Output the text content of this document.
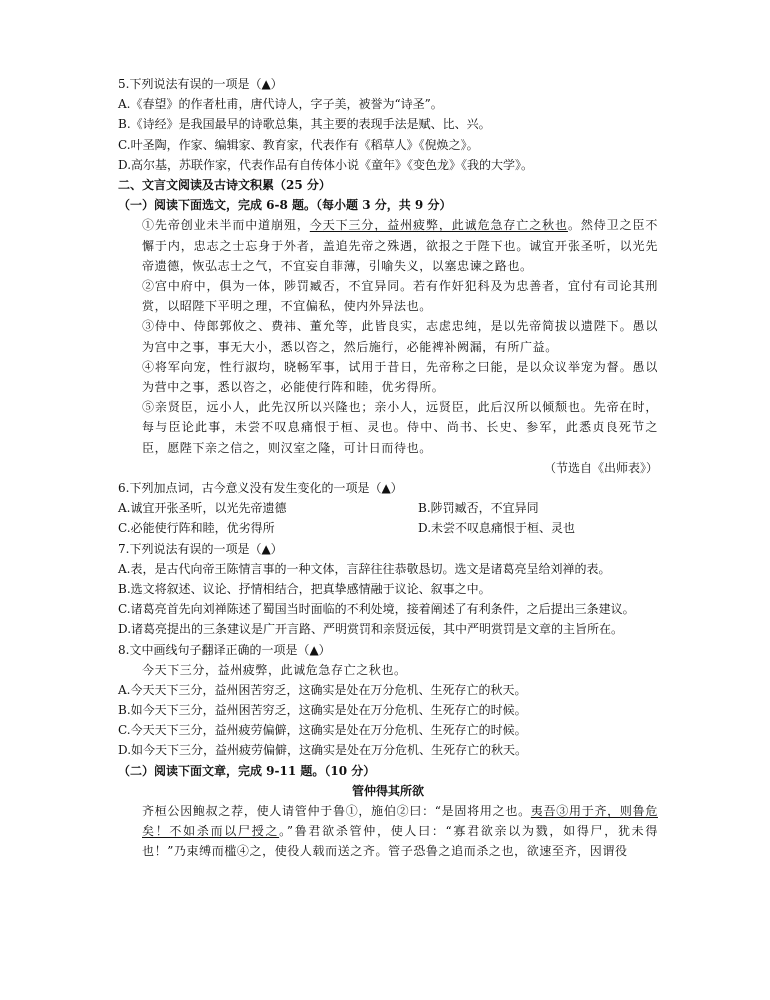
5.下列说法有误的一项是（▲）
A.《春望》的作者杜甫，唐代诗人，字子美，被誉为“诗圣”。
B.《诗经》是我国最早的诗歌总集，其主要的表现手法是赋、比、兴。
C.叶圣陶，作家、编辑家、教育家，代表作有《稻草人》《倪焕之》。
D.高尔基，苏联作家，代表作品有自传体小说《童年》《变色龙》《我的大学》。
二、文言文阅读及古诗文积累（25 分）
（一）阅读下面选文，完成 6-8 题。（每小题 3 分，共 9 分）
①先帝创业未半而中道崩殂，今天下三分，益州疲弊，此诚危急存亡之秋也。然侍卫之臣不懈于内，忠志之士忘身于外者，盖追先帝之殊遇，欲报之于陛下也。诚宜开张圣听，以光先帝遗德，恢弘志士之气，不宜妄自菲薄，引喻失义，以塞忠谏之路也。
②宫中府中，俱为一体，陟罚臧否，不宜异同。若有作奸犯科及为忠善者，宜付有司论其刑赏，以昭陛下平明之理，不宜偏私，使内外异法也。
③侍中、侍郎郭攸之、费祎、董允等，此皆良实，志虑忠纯，是以先帝简拔以遗陛下。愚以为宫中之事，事无大小，悉以咨之，然后施行，必能裨补阙漏，有所广益。
④将军向宠，性行淑均，晓畅军事，试用于昔日，先帝称之曰能，是以众议举宠为督。愚以为营中之事，悉以咨之，必能使行阵和睦，优劣得所。
⑤亲贤臣，远小人，此先汉所以兴隆也；亲小人，远贤臣，此后汉所以倾颓也。先帝在时，每与臣论此事，未尝不叹息痛恨于桓、灵也。侍中、尚书、长史、参军，此悉贞良死节之臣，愿陛下亲之信之，则汉室之隆，可计日而待也。
（节选自《出师表》）
6.下列加点词，古今意义没有发生变化的一项是（▲）
A.诚宜开张圣听，以光先帝遗德	B.陟罚臧否，不宜异同
C.必能使行阵和睦，优劣得所	D.未尝不叹息痛恨于桓、灵也
7.下列说法有误的一项是（▲）
A.表，是古代向帝王陈情言事的一种文体，言辞往往恭敬恳切。选文是诸葛亮呈给刘禅的表。
B.选文将叙述、议论、抒情相结合，把真挚感情融于议论、叙事之中。
C.诸葛亮首先向刘禅陈述了蜀国当时面临的不利处境，接着阐述了有利条件，之后提出三条建议。
D.诸葛亮提出的三条建议是广开言路、严明赏罚和亲贤远佞，其中严明赏罚是文章的主旨所在。
8.文中画线句子翻译正确的一项是（▲）
今天下三分，益州疲弊，此诚危急存亡之秋也。
A.今天天下三分，益州困苦穷乏，这确实是处在万分危机、生死存亡的秋天。
B.如今天下三分，益州困苦穷乏，这确实是处在万分危机、生死存亡的时候。
C.今天天下三分，益州疲劳偏僻，这确实是处在万分危机、生死存亡的时候。
D.如今天下三分，益州疲劳偏僻，这确实是处在万分危机、生死存亡的秋天。
（二）阅读下面文章，完成 9-11 题。（10 分）
管仲得其所欲
齐桓公因鲍叔之荐，使人请管仲于鲁①，施伯②曰：“是固将用之也。夷吾③用于齐，则鲁危矣！不如杀而以尸授之。”鲁君欲杀管仲，使人曰：“寡君欲亲以为戮，如得尸，犹未得也！”乃束缚而槛④之，使役人载而送之齐。管子恐鲁之追而杀之也，欲速至齐，因谓役
